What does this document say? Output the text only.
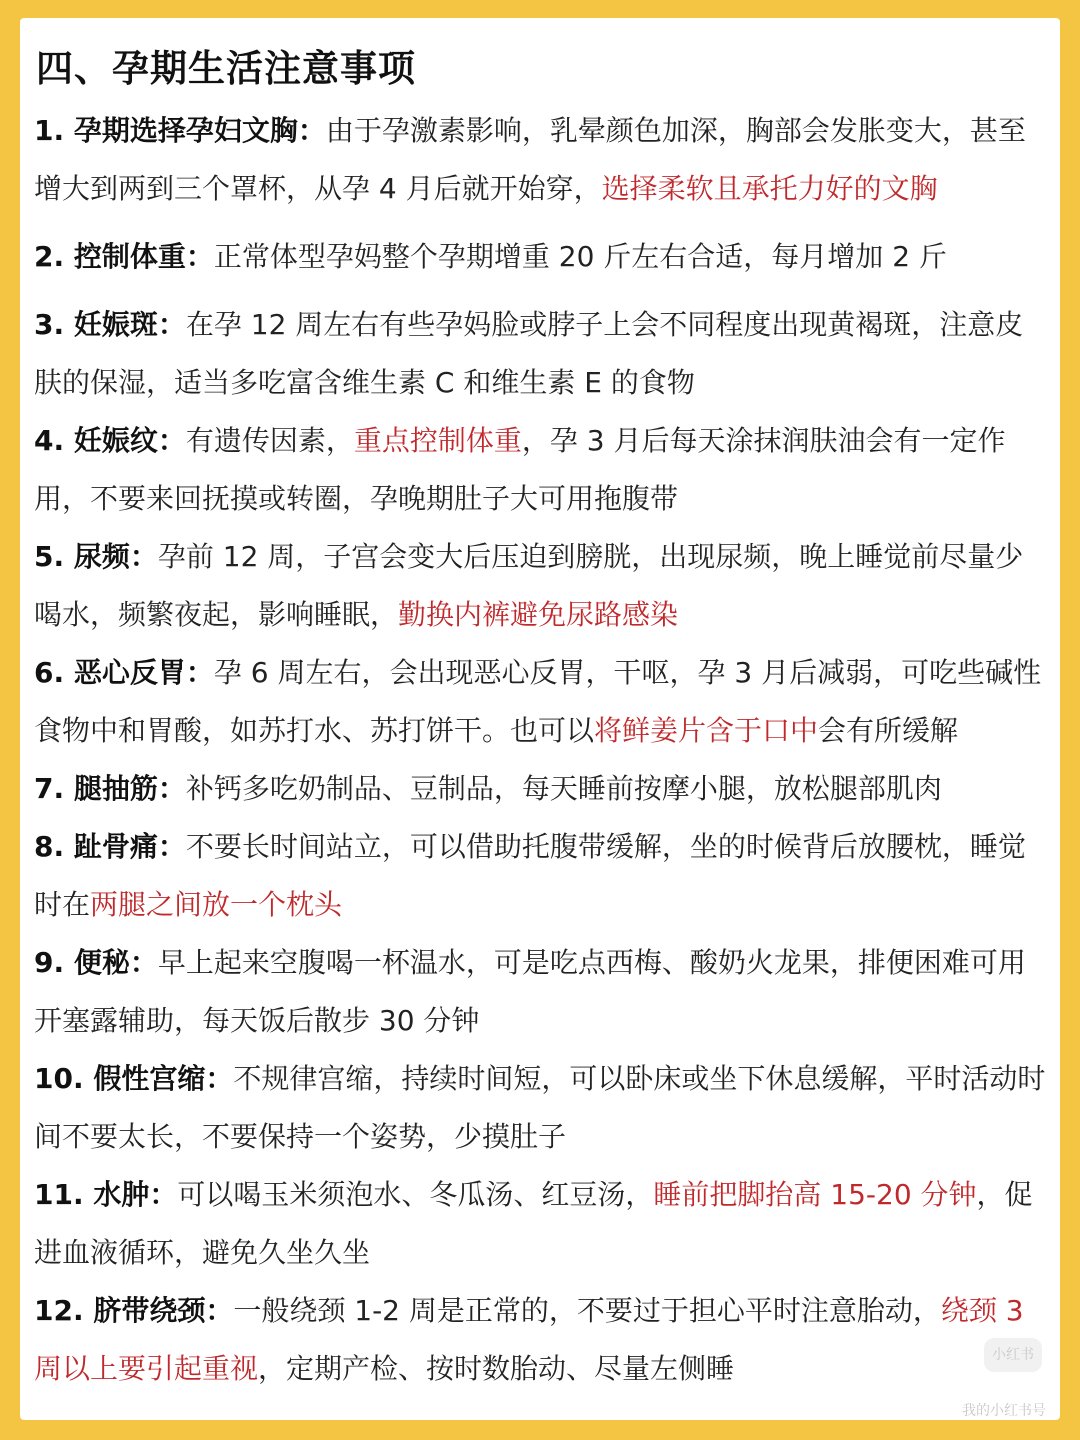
四、孕期生活注意事项
1. 孕期选择孕妇文胸：由于孕激素影响，乳晕颜色加深，胸部会发胀变大，甚至增大到两到三个罩杯，从孕 4 月后就开始穿，选择柔软且承托力好的文胸
2. 控制体重：正常体型孕妈整个孕期增重 20 斤左右合适，每月增加 2 斤
3. 妊娠斑：在孕 12 周左右有些孕妈脸或脖子上会不同程度出现黄褐斑，注意皮肤的保湿，适当多吃富含维生素 C 和维生素 E 的食物
4. 妊娠纹：有遗传因素，重点控制体重，孕 3 月后每天涂抹润肤油会有一定作用，不要来回抚摸或转圈，孕晚期肚子大可用拖腹带
5. 尿频：孕前 12 周，子宫会变大后压迫到膀胱，出现尿频，晚上睡觉前尽量少喝水，频繁夜起，影响睡眠，勤换内裤避免尿路感染
6. 恶心反胃：孕 6 周左右，会出现恶心反胃，干呕，孕 3 月后减弱，可吃些碱性食物中和胃酸，如苏打水、苏打饼干。也可以将鲜姜片含于口中会有所缓解
7. 腿抽筋：补钙多吃奶制品、豆制品，每天睡前按摩小腿，放松腿部肌肉
8. 趾骨痛：不要长时间站立，可以借助托腹带缓解，坐的时候背后放腰枕，睡觉时在两腿之间放一个枕头
9. 便秘：早上起来空腹喝一杯温水，可是吃点西梅、酸奶火龙果，排便困难可用开塞露辅助，每天饭后散步 30 分钟
10. 假性宫缩：不规律宫缩，持续时间短，可以卧床或坐下休息缓解，平时活动时间不要太长，不要保持一个姿势，少摸肚子
11. 水肿：可以喝玉米须泡水、冬瓜汤、红豆汤，睡前把脚抬高 15-20 分钟，促进血液循环，避免久坐久坐
12. 脐带绕颈：一般绕颈 1-2 周是正常的，不要过于担心平时注意胎动，绕颈 3 周以上要引起重视，定期产检、按时数胎动、尽量左侧睡	小红书
我的小红书号
